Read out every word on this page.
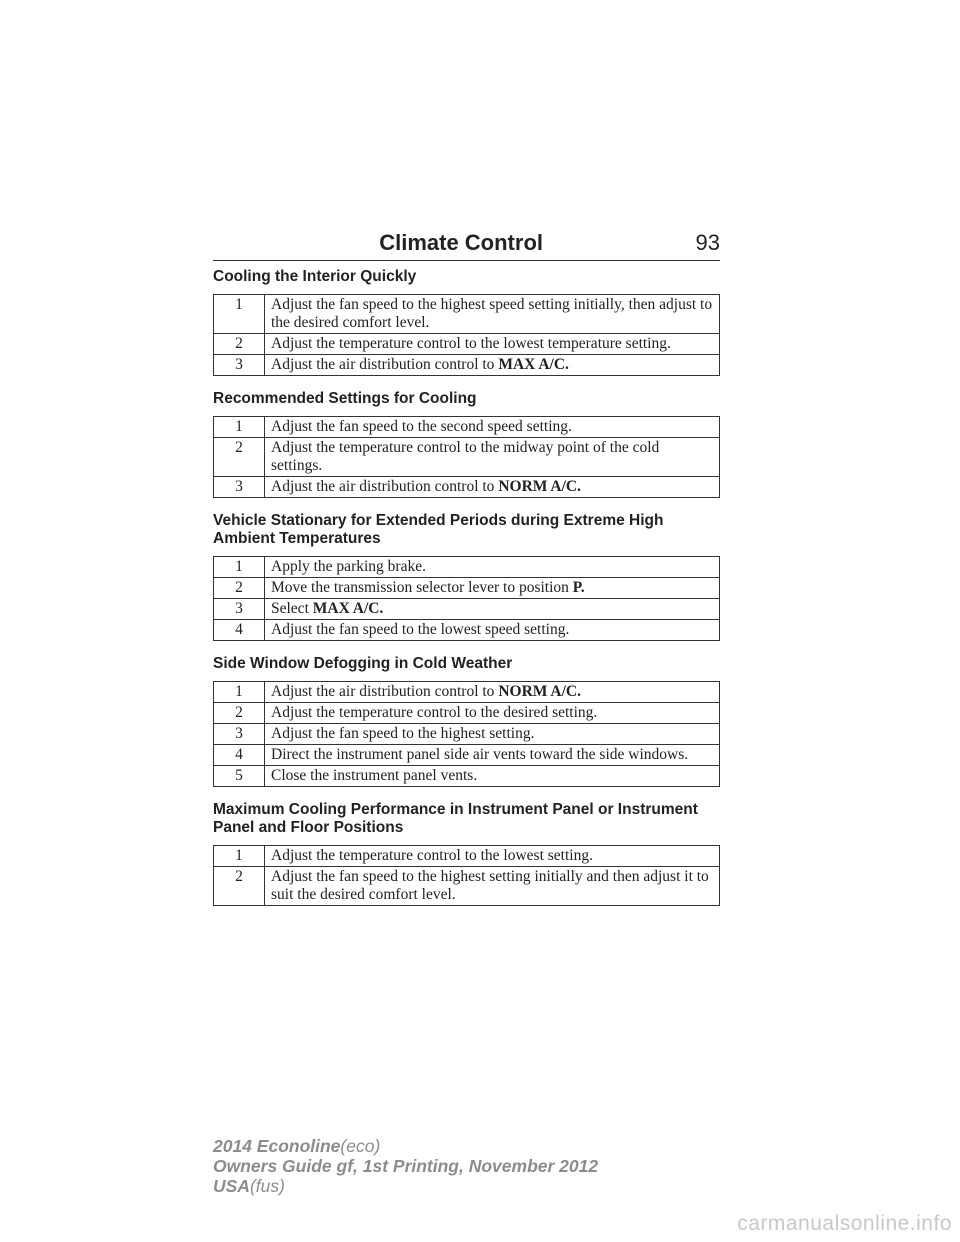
Climate Control	93
Cooling the Interior Quickly
1	Adjust the fan speed to the highest speed setting initially, then adjust to the desired comfort level.
2	Adjust the temperature control to the lowest temperature setting.
3	Adjust the air distribution control to MAX A/C.
Recommended Settings for Cooling
1	Adjust the fan speed to the second speed setting.
2	Adjust the temperature control to the midway point of the cold settings.
3	Adjust the air distribution control to NORM A/C.
Vehicle Stationary for Extended Periods during Extreme High Ambient Temperatures
1	Apply the parking brake.
2	Move the transmission selector lever to position P.
3	Select MAX A/C.
4	Adjust the fan speed to the lowest speed setting.
Side Window Defogging in Cold Weather
1	Adjust the air distribution control to NORM A/C.
2	Adjust the temperature control to the desired setting.
3	Adjust the fan speed to the highest setting.
4	Direct the instrument panel side air vents toward the side windows.
5	Close the instrument panel vents.
Maximum Cooling Performance in Instrument Panel or Instrument Panel and Floor Positions
1	Adjust the temperature control to the lowest setting.
2	Adjust the fan speed to the highest setting initially and then adjust it to suit the desired comfort level.
2014 Econoline(eco)
Owners Guide gf, 1st Printing, November 2012
USA(fus)
carmanualsonline.info
